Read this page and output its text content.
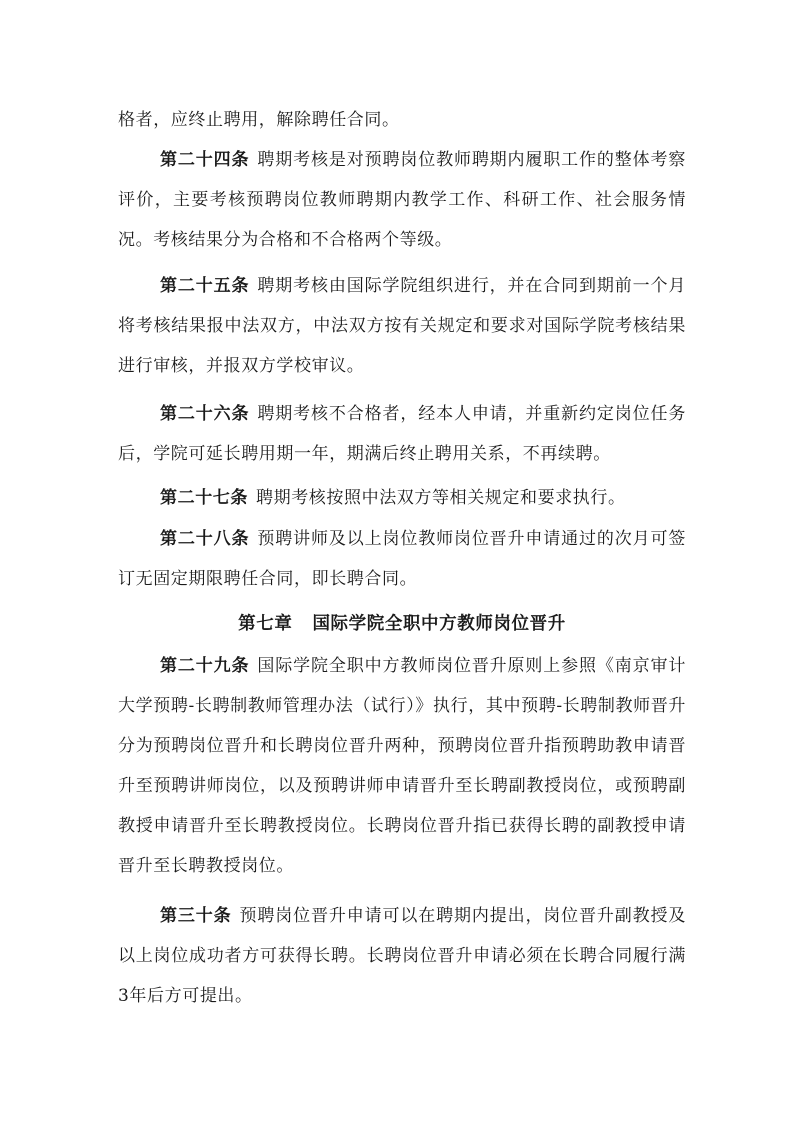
格者，应终止聘用，解除聘任合同。

第二十四条 聘期考核是对预聘岗位教师聘期内履职工作的整体考察评价，主要考核预聘岗位教师聘期内教学工作、科研工作、社会服务情况。考核结果分为合格和不合格两个等级。

第二十五条 聘期考核由国际学院组织进行，并在合同到期前一个月将考核结果报中法双方，中法双方按有关规定和要求对国际学院考核结果进行审核，并报双方学校审议。

第二十六条 聘期考核不合格者，经本人申请，并重新约定岗位任务后，学院可延长聘用期一年，期满后终止聘用关系，不再续聘。

第二十七条 聘期考核按照中法双方等相关规定和要求执行。

第二十八条 预聘讲师及以上岗位教师岗位晋升申请通过的次月可签订无固定期限聘任合同，即长聘合同。

第七章 国际学院全职中方教师岗位晋升

第二十九条 国际学院全职中方教师岗位晋升原则上参照《南京审计大学预聘-长聘制教师管理办法（试行）》执行，其中预聘-长聘制教师晋升分为预聘岗位晋升和长聘岗位晋升两种，预聘岗位晋升指预聘助教申请晋升至预聘讲师岗位，以及预聘讲师申请晋升至长聘副教授岗位，或预聘副教授申请晋升至长聘教授岗位。长聘岗位晋升指已获得长聘的副教授申请晋升至长聘教授岗位。

第三十条 预聘岗位晋升申请可以在聘期内提出，岗位晋升副教授及以上岗位成功者方可获得长聘。长聘岗位晋升申请必须在长聘合同履行满3年后方可提出。
